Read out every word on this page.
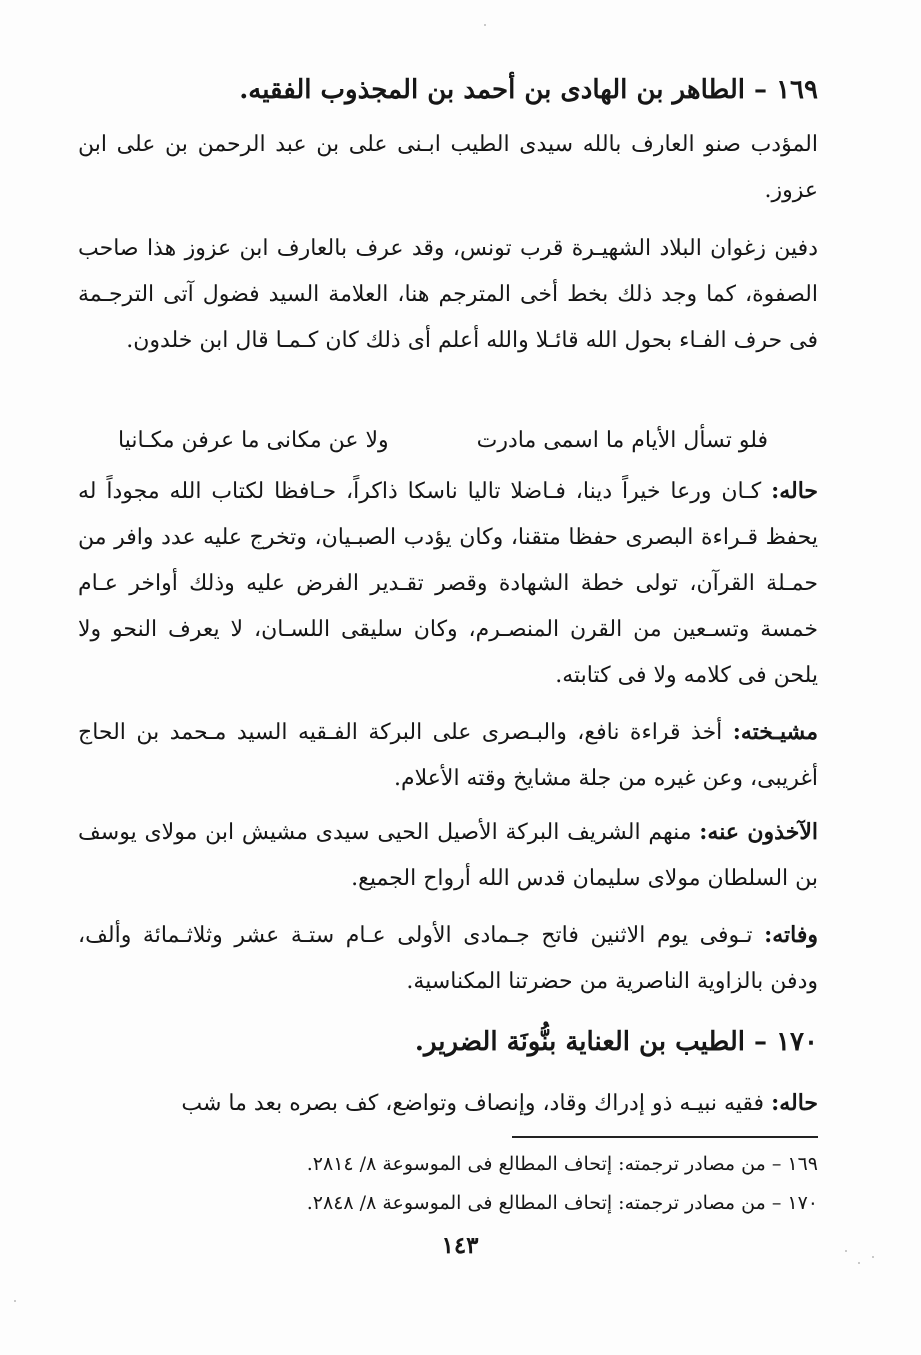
١٦٩ – الطاهر بن الهادى بن أحمد بن المجذوب الفقيه.
المؤدب صنو العارف بالله سيدى الطيب ابـنى على بن عبد الرحمن بن على ابن عزوز.
دفين زغوان البلاد الشهيـرة قرب تونس، وقد عرف بالعارف ابن عزوز هذا صاحب الصفوة، كما وجد ذلك بخط أخى المترجم هنا، العلامة السيد فضول آتى الترجـمة فى حرف الفـاء بحول الله قائـلا والله أعلم أى ذلك كان كـمـا قال ابن خلدون.
فلو تسأل الأيام ما اسمى مادرت
ولا عن مكانى ما عرفن مكـانيا
حاله: كـان ورعا خيراً دينا، فـاضلا تاليا ناسكا ذاكراً، حـافظا لكتاب الله مجوداً له يحفظ قـراءة البصرى حفظا متقنا، وكان يؤدب الصبـيان، وتخرج عليه عدد وافر من حمـلة القرآن، تولى خطة الشهادة وقصر تقـدير الفرض عليه وذلك أواخر عـام خمسة وتسـعين من القرن المنصـرم، وكان سليقى اللسـان، لا يعرف النحو ولا يلحن فى كلامه ولا فى كتابته.
مشيـخته: أخذ قراءة نافع، والبـصرى على البركة الفـقيه السيد مـحمد بن الحاج أغريبى، وعن غيره من جلة مشايخ وقته الأعلام.
الآخذون عنه: منهم الشريف البركة الأصيل الحيى سيدى مشيش ابن مولاى يوسف بن السلطان مولاى سليمان قدس الله أرواح الجميع.
وفاته: تـوفى يوم الاثنين فاتح جـمادى الأولى عـام ستـة عشر وثلاثـمائة وألف، ودفن بالزاوية الناصرية من حضرتنا المكناسية.
١٧٠ – الطيب بن العناية بنُّونَة الضرير.
حاله: فقيه نبيـه ذو إدراك وقاد، وإنصاف وتواضع، كف بصره بعد ما شب
١٦٩ – من مصادر ترجمته: إتحاف المطالع فى الموسوعة ٨/ ٢٨١٤.
١٧٠ – من مصادر ترجمته: إتحاف المطالع فى الموسوعة ٨/ ٢٨٤٨.
١٤٣
